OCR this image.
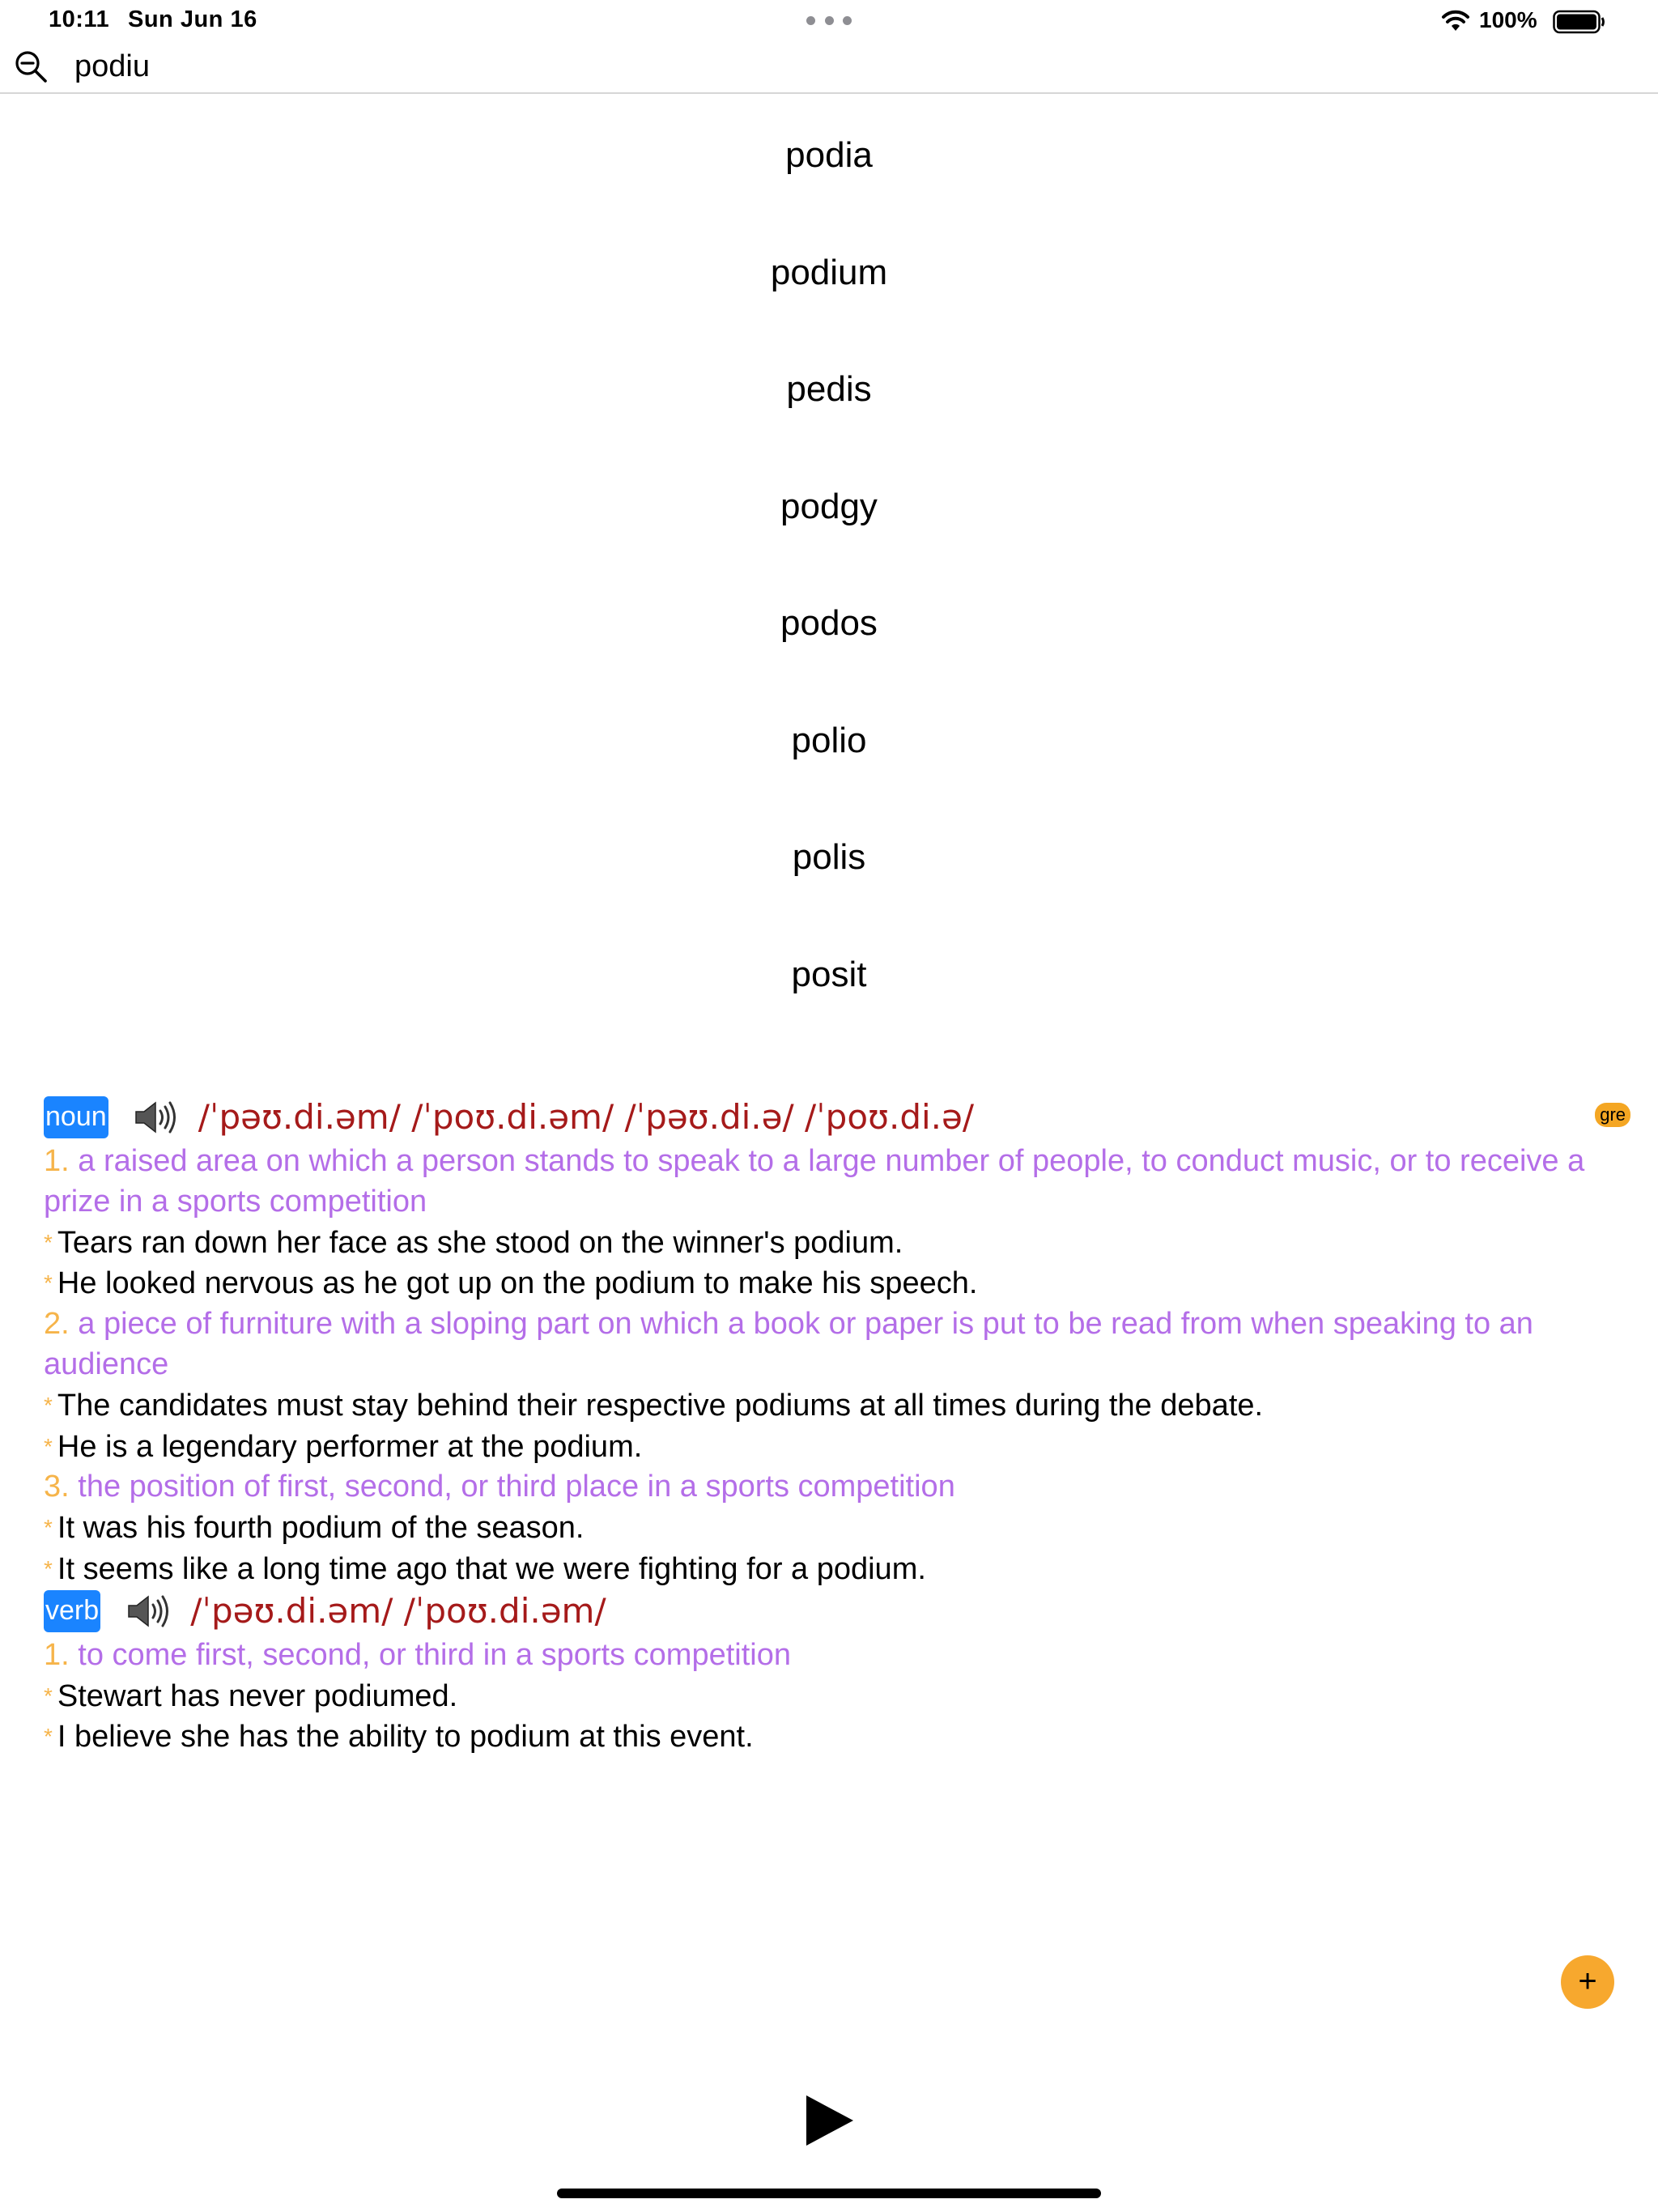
10:11 Sun Jun 16	100%
podiu
podia
podium
pedis
podgy
podos
polio
polis
posit
noun	/ˈpəʊ.di.əm/ /ˈpoʊ.di.əm/ /ˈpəʊ.di.ə/ /ˈpoʊ.di.ə/	gre
1. a raised area on which a person stands to speak to a large number of people, to conduct music, or to receive a prize in a sports competition
* Tears ran down her face as she stood on the winner's podium.
* He looked nervous as he got up on the podium to make his speech.
2. a piece of furniture with a sloping part on which a book or paper is put to be read from when speaking to an audience
* The candidates must stay behind their respective podiums at all times during the debate.
* He is a legendary performer at the podium.
3. the position of first, second, or third place in a sports competition
* It was his fourth podium of the season.
* It seems like a long time ago that we were fighting for a podium.
verb	/ˈpəʊ.di.əm/ /ˈpoʊ.di.əm/
1. to come first, second, or third in a sports competition
* Stewart has never podiumed.
* I believe she has the ability to podium at this event.
+
